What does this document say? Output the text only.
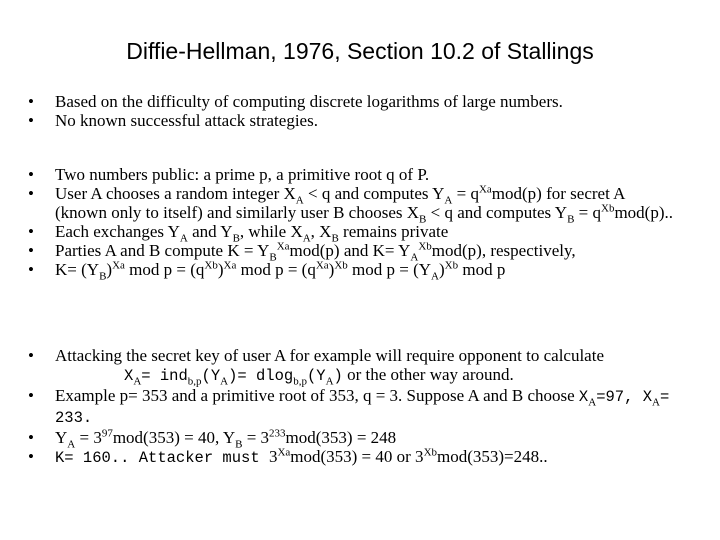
Diffie-Hellman, 1976, Section 10.2 of Stallings
• Based on the difficulty of computing discrete logarithms of large numbers.
• No known successful attack strategies.
• Two numbers public: a prime p, a primitive root q of P.
• User A chooses a random integer $X_A < q$ and computes $Y_A = q^{Xa}mod(p)$ for secret A (known only to itself) and similarly user B chooses $X_B < q$ and computes $Y_B = q^{Xb}mod(p)$..
• Each exchanges $Y_A$ and $Y_B$, while $X_A$, $X_B$ remains private
• Parties A and B compute $K = Y_B^{Xa}mod(p)$ and $K= Y_A^{Xb}mod(p)$, respectively,
• $K= (Y_B)^{Xa}$ mod $p = (q^{Xb})^{Xa}$ mod $p = (q^{Xa})^{Xb}$ mod $p = (Y_A)^{Xb}$ mod p
• Attacking the secret key of user A for example will require opponent to calculate
$X_A= ind_{b,p}(Y_A)= dlog_{b,p}(Y_A)$ or the other way around.
• Example p= 353 and a primitive root of 353, q = 3. Suppose A and B choose $X_A=97$, $X_A= 233$.
• $Y_A = 3^{97}mod(353) = 40$, $Y_B = 3^{233}mod(353) = 248$
• K= 160.. Attacker must $3^{Xa}mod(353) = 40$ or $3^{Xb}mod(353)=248$..
